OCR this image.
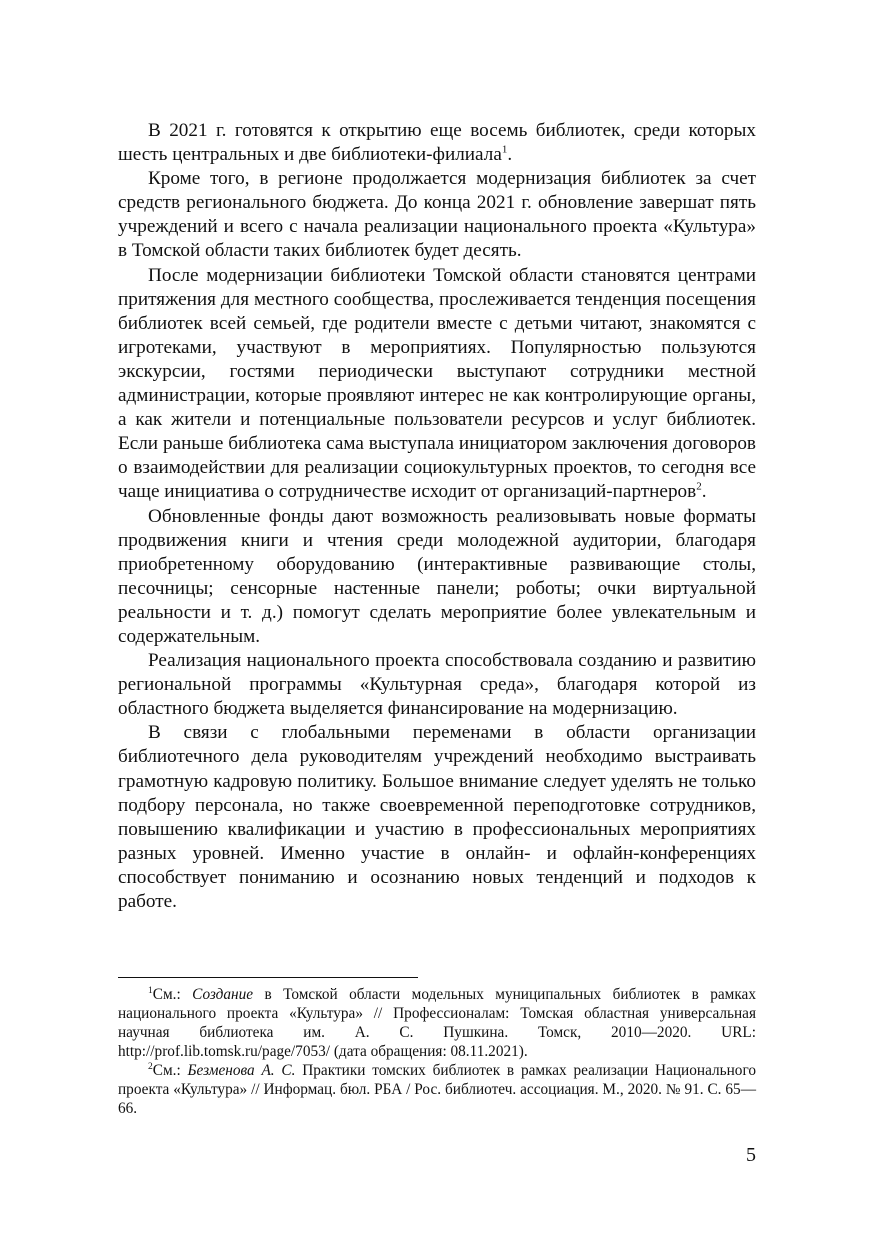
В 2021 г. готовятся к открытию еще восемь библиотек, среди которых шесть центральных и две библиотеки-филиала$^1$.

Кроме того, в регионе продолжается модернизация библиотек за счет средств регионального бюджета. До конца 2021 г. обновление завершат пять учреждений и всего с начала реализации национального проекта «Культура» в Томской области таких библиотек будет десять.

После модернизации библиотеки Томской области становятся центрами притяжения для местного сообщества, прослеживается тенденция посещения библиотек всей семьей, где родители вместе с детьми читают, знакомятся с игротеками, участвуют в мероприятиях. Популярностью пользуются экскурсии, гостями периодически выступают сотрудники местной администрации, которые проявляют интерес не как контролирующие органы, а как жители и потенциальные пользователи ресурсов и услуг библиотек. Если раньше библиотека сама выступала инициатором заключения договоров о взаимодействии для реализации социокультурных проектов, то сегодня все чаще инициатива о сотрудничестве исходит от организаций-партнеров$^2$.

Обновленные фонды дают возможность реализовывать новые форматы продвижения книги и чтения среди молодежной аудитории, благодаря приобретенному оборудованию (интерактивные развивающие столы, песочницы; сенсорные настенные панели; роботы; очки виртуальной реальности и т. д.) помогут сделать мероприятие более увлекательным и содержательным.

Реализация национального проекта способствовала созданию и развитию региональной программы «Культурная среда», благодаря которой из областного бюджета выделяется финансирование на модернизацию.

В связи с глобальными переменами в области организации библиотечного дела руководителям учреждений необходимо выстраивать грамотную кадровую политику. Большое внимание следует уделять не только подбору персонала, но также своевременной переподготовке сотрудников, повышению квалификации и участию в профессиональных мероприятиях разных уровней. Именно участие в онлайн- и офлайн-конференциях способствует пониманию и осознанию новых тенденций и подходов к работе.

$^1$См.: Создание в Томской области модельных муниципальных библиотек в рамках национального проекта «Культура» // Профессионалам: Томская областная универсальная научная библиотека им. А. С. Пушкина. Томск, 2010—2020. URL: http://prof.lib.tomsk.ru/page/7053/ (дата обращения: 08.11.2021).

$^2$См.: Безменова А. С. Практики томских библиотек в рамках реализации Национального проекта «Культура» // Информац. бюл. РБА / Рос. библиотеч. ассоциация. М., 2020. № 91. С. 65—66.

5
